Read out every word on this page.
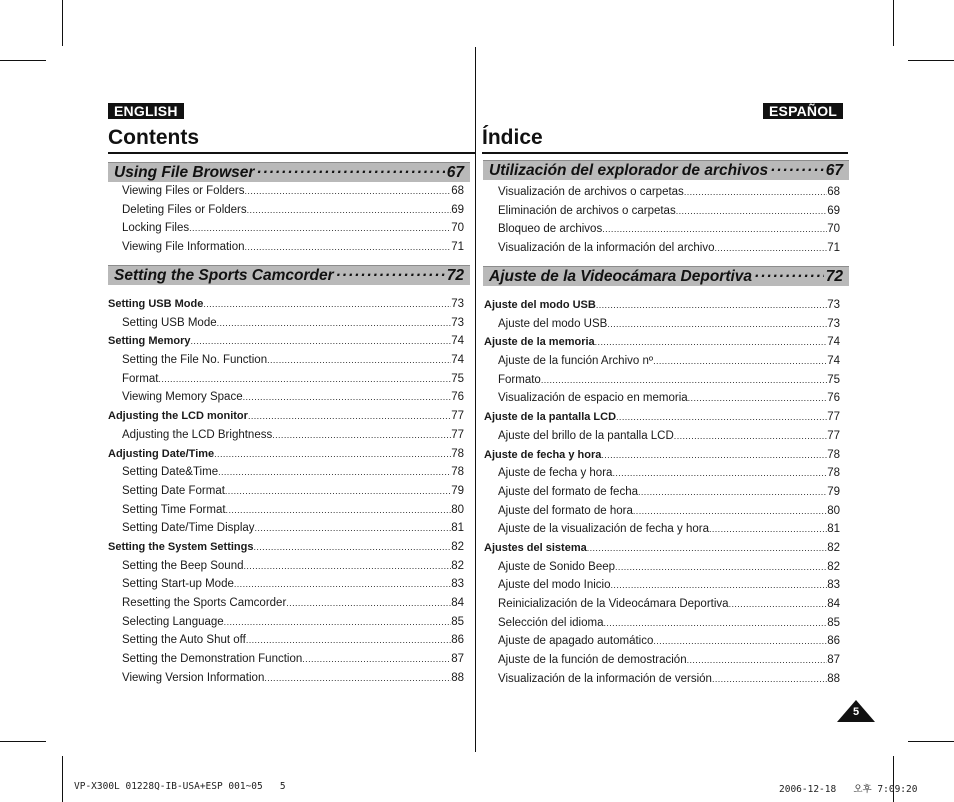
ENGLISH
Contents
Using File Browser ·····	67
Viewing Files or Folders .....	68
Deleting Files or Folders .....	69
Locking Files .....	70
Viewing File Information .....	71
Setting the Sports Camcorder ·····	72
Setting USB Mode .....	73
Setting USB Mode .....	73
Setting Memory .....	74
Setting the File No. Function .....	74
Format .....	75
Viewing Memory Space .....	76
Adjusting the LCD monitor .....	77
Adjusting the LCD Brightness .....	77
Adjusting Date/Time .....	78
Setting Date&Time .....	78
Setting Date Format .....	79
Setting Time Format .....	80
Setting Date/Time Display .....	81
Setting the System Settings .....	82
Setting the Beep Sound .....	82
Setting Start-up Mode .....	83
Resetting the Sports Camcorder .....	84
Selecting Language .....	85
Setting the Auto Shut off .....	86
Setting the Demonstration Function .....	87
Viewing Version Information .....	88
ESPAÑOL
Índice
Utilización del explorador de archivos ·····	67
Visualización de archivos o carpetas .....	68
Eliminación de archivos o carpetas .....	69
Bloqueo de archivos .....	70
Visualización de la información del archivo .....	71
Ajuste de la Videocámara Deportiva ·····	72
Ajuste del modo USB .....	73
Ajuste del modo USB .....	73
Ajuste de la memoria .....	74
Ajuste de la función Archivo nº .....	74
Formato .....	75
Visualización de espacio en memoria .....	76
Ajuste de la pantalla LCD .....	77
Ajuste del brillo de la pantalla LCD .....	77
Ajuste de fecha y hora .....	78
Ajuste de fecha y hora .....	78
Ajuste del formato de fecha .....	79
Ajuste del formato de hora .....	80
Ajuste de la visualización de fecha y hora .....	81
Ajustes del sistema .....	82
Ajuste de Sonido Beep .....	82
Ajuste del modo Inicio .....	83
Reinicialización de la Videocámara Deportiva .....	84
Selección del idioma .....	85
Ajuste de apagado automático .....	86
Ajuste de la función de demostración .....	87
Visualización de la información de versión .....	88
5
VP-X300L 01228Q-IB-USA+ESP 001~05   5	2006-12-18   오후 7:09:20
